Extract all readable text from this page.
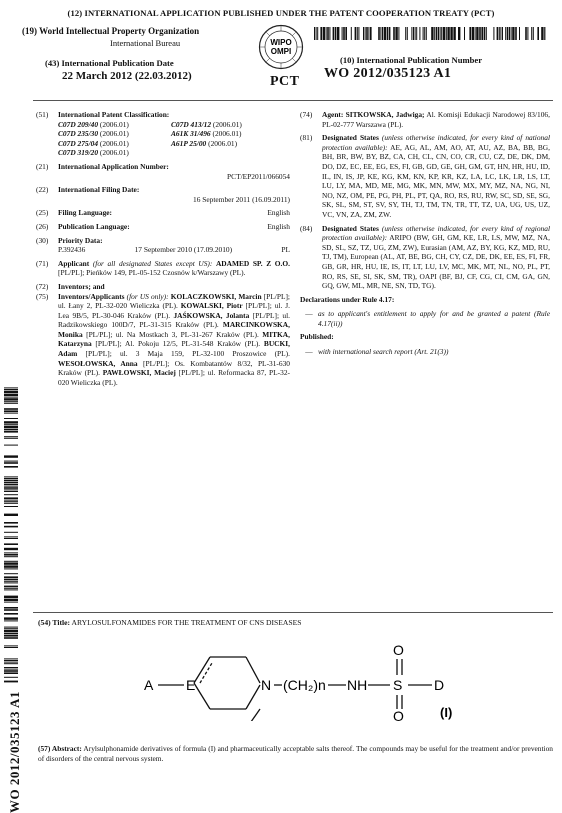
(12) INTERNATIONAL APPLICATION PUBLISHED UNDER THE PATENT COOPERATION TREATY (PCT)
(19) World Intellectual Property Organization
International Bureau
(43) International Publication Date
22 March 2012 (22.03.2012)
WIPO
OMPI
PCT
(10) International Publication Number
WO 2012/035123 A1
(51)	International Patent Classification:
C07D 209/40 (2006.01)	C07D 413/12 (2006.01)
C07D 235/30 (2006.01)	A61K 31/496 (2006.01)
C07D 275/04 (2006.01)	A61P 25/00 (2006.01)
C07D 319/20 (2006.01)
(21)	International Application Number:
PCT/EP2011/066054
(22)	International Filing Date:
16 September 2011 (16.09.2011)
(25)	Filing Language:	English
(26)	Publication Language:	English
(30)	Priority Data:
P.392436	17 September 2010 (17.09.2010)	PL
(71)	Applicant (for all designated States except US): ADAMED SP. Z O.O. [PL/PL]; Pieńków 149, PL-05-152 Czosnów k/Warszawy (PL).
(72)	Inventors; and
(75)	Inventors/Applicants (for US only): KOLACZKOWSKI, Marcin [PL/PL]; ul. Łany 2, PL-32-020 Wieliczka (PL). KOWALSKI, Piotr [PL/PL]; ul. J. Lea 9B/5, PL-30-046 Kraków (PL). JAŚKOWSKA, Jolanta [PL/PL]; ul. Radzikowskiego 100D/7, PL-31-315 Kraków (PL). MARCINKOWSKA, Monika [PL/PL]; ul. Na Mostkach 3, PL-31-267 Kraków (PL). MITKA, Katarzyna [PL/PL]; Al. Pokoju 12/5, PL-31-548 Kraków (PL). BUCKI, Adam [PL/PL]; ul. 3 Maja 159, PL-32-100 Proszowice (PL). WESOŁOWSKA, Anna [PL/PL]; Os. Kombatantów 8/32, PL-31-630 Kraków (PL). PAWŁOWSKI, Maciej [PL/PL]; ul. Reformacka 87, PL-32-020 Wieliczka (PL).
(74)	Agent: SITKOWSKA, Jadwiga; Al. Komisji Edukacji Narodowej 83/106, PL-02-777 Warszawa (PL).
(81)	Designated States (unless otherwise indicated, for every kind of national protection available): AE, AG, AL, AM, AO, AT, AU, AZ, BA, BB, BG, BH, BR, BW, BY, BZ, CA, CH, CL, CN, CO, CR, CU, CZ, DE, DK, DM, DO, DZ, EC, EE, EG, ES, FI, GB, GD, GE, GH, GM, GT, HN, HR, HU, ID, IL, IN, IS, JP, KE, KG, KM, KN, KP, KR, KZ, LA, LC, LK, LR, LS, LT, LU, LY, MA, MD, ME, MG, MK, MN, MW, MX, MY, MZ, NA, NG, NI, NO, NZ, OM, PE, PG, PH, PL, PT, QA, RO, RS, RU, RW, SC, SD, SE, SG, SK, SL, SM, ST, SV, SY, TH, TJ, TM, TN, TR, TT, TZ, UA, UG, US, UZ, VC, VN, ZA, ZM, ZW.
(84)	Designated States (unless otherwise indicated, for every kind of regional protection available): ARIPO (BW, GH, GM, KE, LR, LS, MW, MZ, NA, SD, SL, SZ, TZ, UG, ZM, ZW), Eurasian (AM, AZ, BY, KG, KZ, MD, RU, TJ, TM), European (AL, AT, BE, BG, CH, CY, CZ, DE, DK, EE, ES, FI, FR, GB, GR, HR, HU, IE, IS, IT, LT, LU, LV, MC, MK, MT, NL, NO, PL, PT, RO, RS, SE, SI, SK, SM, TR), OAPI (BF, BJ, CF, CG, CI, CM, GA, GN, GQ, GW, ML, MR, NE, SN, TD, TG).
Declarations under Rule 4.17:
— as to applicant's entitlement to apply for and be granted a patent (Rule 4.17(ii))
Published:
— with international search report (Art. 21(3))
WO 2012/035123 A1
(54) Title: ARYLOSULFONAMIDES FOR THE TREATMENT OF CNS DISEASES
A E	N (CH₂)n NH S
O
O
D
(I)
(57) Abstract: Arylsulphonamide derivatives of formula (I) and pharmaceutically acceptable salts thereof. The compounds may be useful for the treatment and/or prevention of disorders of the central nervous system.
